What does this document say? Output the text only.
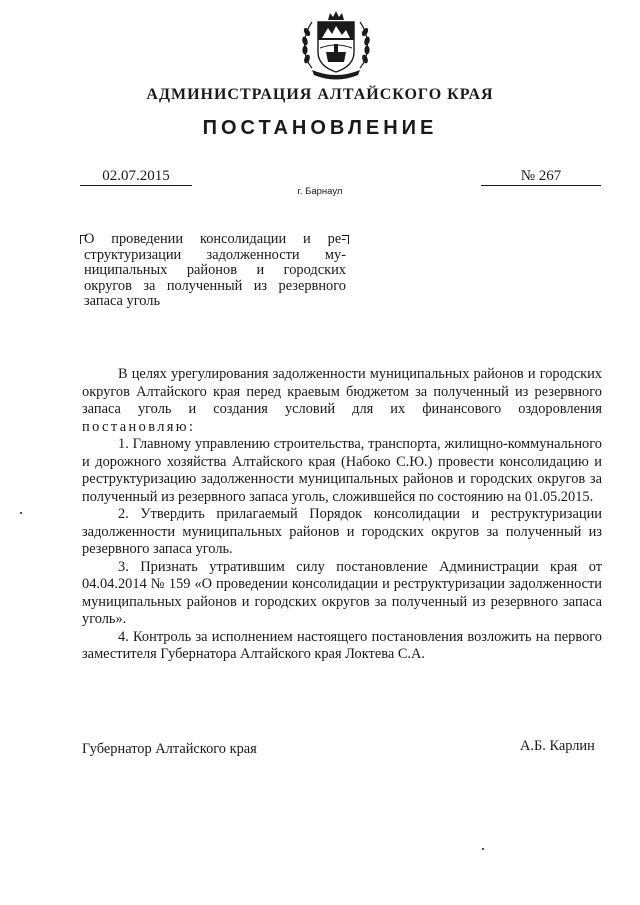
АДМИНИСТРАЦИЯ АЛТАЙСКОГО КРАЯ
ПОСТАНОВЛЕНИЕ
02.07.2015	№ 267
г. Барнаул
О проведении консолидации и ре-структуризации задолженности му-ниципальных районов и городских округов за полученный из резервного запаса уголь

В целях урегулирования задолженности муниципальных районов и городских округов Алтайского края перед краевым бюджетом за полученный из резервного запаса уголь и создания условий для их финансового оздоровления постановляю:

1. Главному управлению строительства, транспорта, жилищно-коммунального и дорожного хозяйства Алтайского края (Набоко С.Ю.) провести консолидацию и реструктуризацию задолженности муниципальных районов и городских округов за полученный из резервного запаса уголь, сложившейся по состоянию на 01.05.2015.

2. Утвердить прилагаемый Порядок консолидации и реструктуризации задолженности муниципальных районов и городских округов за полученный из резервного запаса уголь.

3. Признать утратившим силу постановление Администрации края от 04.04.2014 № 159 «О проведении консолидации и реструктуризации задолженности муниципальных районов и городских округов за полученный из резервного запаса уголь».

4. Контроль за исполнением настоящего постановления возложить на первого заместителя Губернатора Алтайского края Локтева С.А.

Губернатор Алтайского края	А.Б. Карлин
